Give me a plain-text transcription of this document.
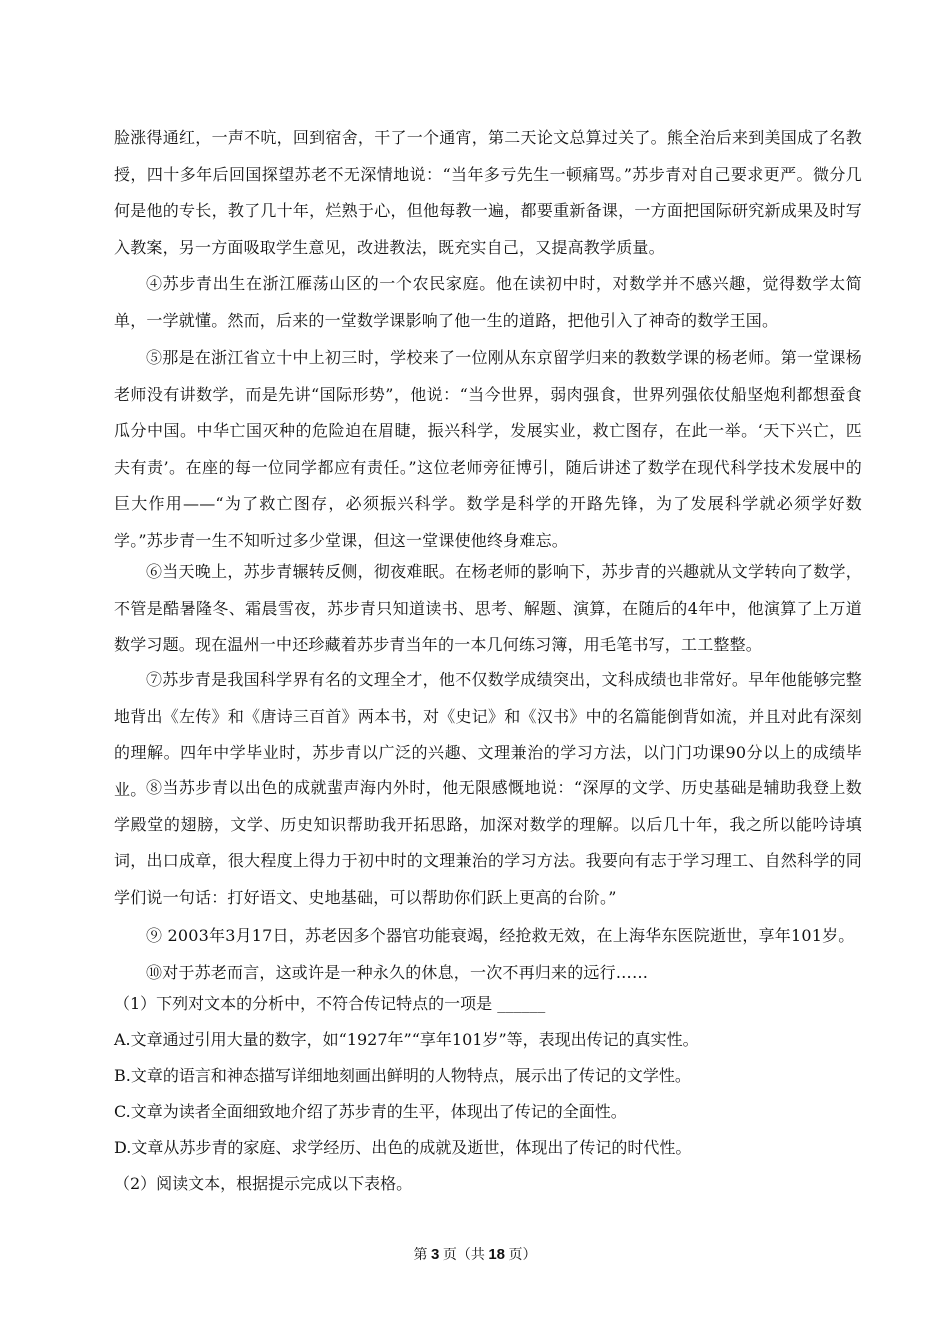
脸涨得通红，一声不吭，回到宿舍，干了一个通宵，第二天论文总算过关了。熊全治后来到美国成了名教授，四十多年后回国探望苏老不无深情地说：“当年多亏先生一顿痛骂。”苏步青对自己要求更严。微分几何是他的专长，教了几十年，烂熟于心，但他每教一遍，都要重新备课，一方面把国际研究新成果及时写入教案，另一方面吸取学生意见，改进教法，既充实自己，又提高教学质量。

④苏步青出生在浙江雁荡山区的一个农民家庭。他在读初中时，对数学并不感兴趣，觉得数学太简单，一学就懂。然而，后来的一堂数学课影响了他一生的道路，把他引入了神奇的数学王国。

⑤那是在浙江省立十中上初三时，学校来了一位刚从东京留学归来的教数学课的杨老师。第一堂课杨老师没有讲数学，而是先讲“国际形势”，他说：“当今世界，弱肉强食，世界列强依仗船坚炮利都想蚕食瓜分中国。中华亡国灭种的危险迫在眉睫，振兴科学，发展实业，救亡图存，在此一举。‘天下兴亡，匹夫有责’。在座的每一位同学都应有责任。”这位老师旁征博引，随后讲述了数学在现代科学技术发展中的巨大作用——“为了救亡图存，必须振兴科学。数学是科学的开路先锋，为了发展科学就必须学好数学。”苏步青一生不知听过多少堂课，但这一堂课使他终身难忘。

⑥当天晚上，苏步青辗转反侧，彻夜难眠。在杨老师的影响下，苏步青的兴趣就从文学转向了数学，不管是酷暑隆冬、霜晨雪夜，苏步青只知道读书、思考、解题、演算，在随后的4年中，他演算了上万道数学习题。现在温州一中还珍藏着苏步青当年的一本几何练习簿，用毛笔书写，工工整整。

⑦苏步青是我国科学界有名的文理全才，他不仅数学成绩突出，文科成绩也非常好。早年他能够完整地背出《左传》和《唐诗三百首》两本书，对《史记》和《汉书》中的名篇能倒背如流，并且对此有深刻的理解。四年中学毕业时，苏步青以广泛的兴趣、文理兼治的学习方法，以门门功课90分以上的成绩毕业。 ⑧当苏步青以出色的成就蜚声海内外时，他无限感慨地说：“深厚的文学、历史基础是辅助我登上数学殿堂的翅膀，文学、历史知识帮助我开拓思路，加深对数学的理解。以后几十年，我之所以能吟诗填词，出口成章，很大程度上得力于初中时的文理兼治的学习方法。我要向有志于学习理工、自然科学的同学们说一句话：打好语文、史地基础，可以帮助你们跃上更高的台阶。”

⑨ 2003年3月17日，苏老因多个器官功能衰竭，经抢救无效，在上海华东医院逝世，享年101岁。

⑩对于苏老而言，这或许是一种永久的休息，一次不再归来的远行……

（1）下列对文本的分析中，不符合传记特点的一项是 ______

A.文章通过引用大量的数字，如“1927年”“享年101岁”等，表现出传记的真实性。

B.文章的语言和神态描写详细地刻画出鲜明的人物特点，展示出了传记的文学性。

C.文章为读者全面细致地介绍了苏步青的生平，体现出了传记的全面性。

D.文章从苏步青的家庭、求学经历、出色的成就及逝世，体现出了传记的时代性。

（2）阅读文本，根据提示完成以下表格。

第 3 页（共 18 页）
